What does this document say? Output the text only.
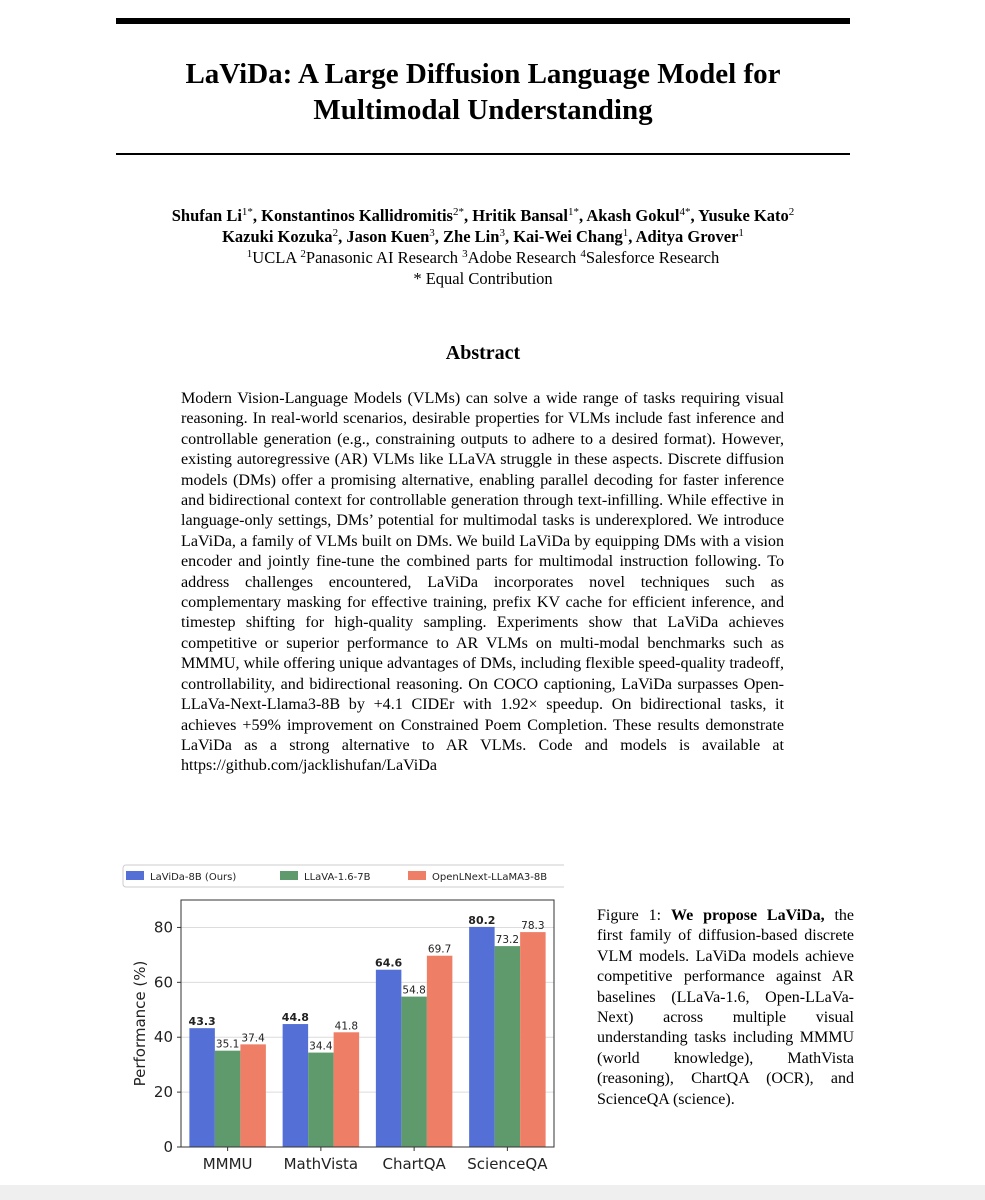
LaViDa: A Large Diffusion Language Model for
Multimodal Understanding
Shufan $Li^{1*}$, Konstantinos Kallidromitis$^{2*}$, Hritik Bansal$^{1*}$, Akash Gokul$^{4*}$, Yusuke Kato$^2$
Kazuki Kozuka$^2$, Jason Kuen$^3$, Zhe Lin$^3$, Kai-Wei Chang$^1$, Aditya Grover$^1$
$^1$UCLA $^2$Panasonic AI Research $^3$Adobe Research $^4$Salesforce Research
* Equal Contribution
Abstract
Modern Vision-Language Models (VLMs) can solve a wide range of tasks requiring visual reasoning. In real-world scenarios, desirable properties for VLMs include fast inference and controllable generation (e.g., constraining outputs to adhere to a desired format). However, existing autoregressive (AR) VLMs like LLaVA struggle in these aspects. Discrete diffusion models (DMs) offer a promising alternative, enabling parallel decoding for faster inference and bidirectional context for controllable generation through text-infilling. While effective in language-only settings, DMs’ potential for multimodal tasks is underexplored. We introduce LaViDa, a family of VLMs built on DMs. We build LaViDa by equipping DMs with a vision encoder and jointly fine-tune the combined parts for multimodal instruction following. To address challenges encountered, LaViDa incorporates novel techniques such as complementary masking for effective training, prefix KV cache for efficient inference, and timestep shifting for high-quality sampling. Experiments show that LaViDa achieves competitive or superior performance to AR VLMs on multi-modal benchmarks such as MMMU, while offering unique advantages of DMs, including flexible speed-quality tradeoff, controllability, and bidirectional reasoning. On COCO captioning, LaViDa surpasses Open-LLaVa-Next-Llama3-8B by +4.1 CIDEr with 1.92× speedup. On bidirectional tasks, it achieves +59% improvement on Constrained Poem Completion. These results demonstrate LaViDa as a strong alternative to AR VLMs. Code and models is available at https://github.com/jacklishufan/LaViDa
LaViDa-8B (Ours)	LLaVA-1.6-7B	OpenLNext-LLaMA3-8B
0
20
40
60
80
43.3
35.1
37.4
MMMU
44.8
34.4
41.8
MathVista
64.6
54.8
69.7
ChartQA
80.2
73.2
78.3
ScienceQA
Performance (%)
Figure 1: We propose LaViDa, the first family of diffusion-based discrete VLM models. LaViDa models achieve competitive performance against AR baselines (LLaVa-1.6, Open-LLaVa-Next) across multiple visual understanding tasks including MMMU (world knowledge), MathVista (reasoning), ChartQA (OCR), and ScienceQA (science).
